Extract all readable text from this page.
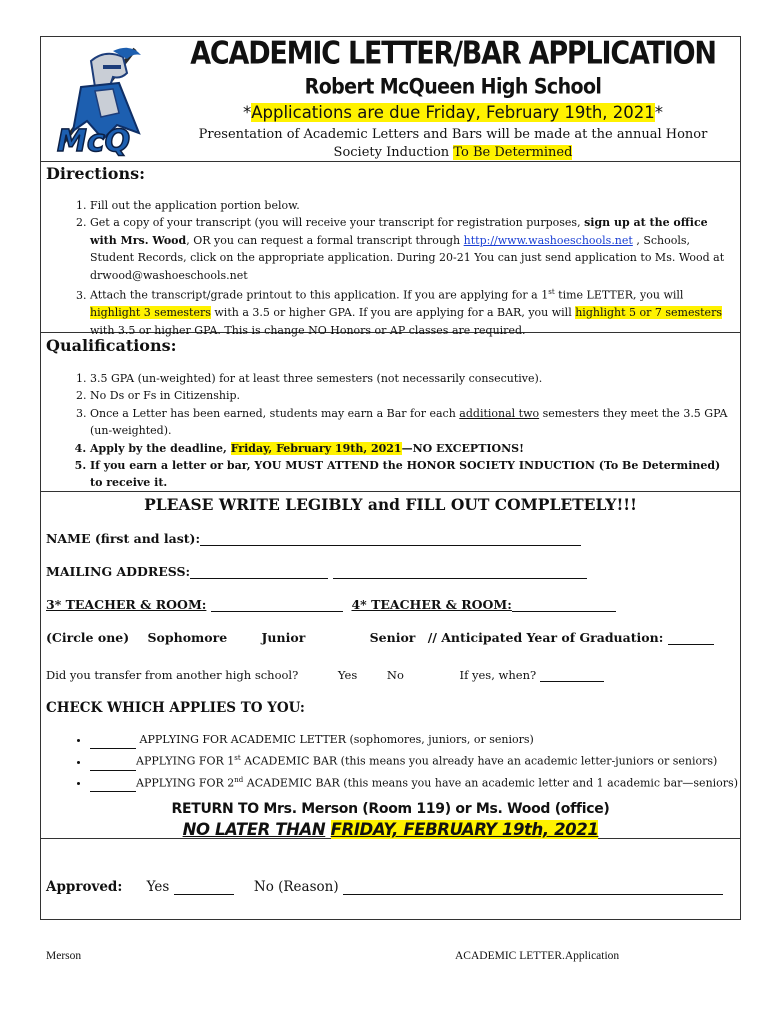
McQ
ACADEMIC LETTER/BAR APPLICATION
Robert McQueen High School
*Applications are due Friday, February 19th, 2021*
Presentation of Academic Letters and Bars will be made at the annual Honor Society Induction To Be Determined
Directions:
1. Fill out the application portion below.
2. Get a copy of your transcript (you will receive your transcript for registration purposes, sign up at the office with Mrs. Wood, OR you can request a formal transcript through http://www.washoeschools.net , Schools, Student Records, click on the appropriate application. During 20-21 You can just send application to Ms. Wood at drwood@washoeschools.net
3. Attach the transcript/grade printout to this application. If you are applying for a 1st time LETTER, you will highlight 3 semesters with a 3.5 or higher GPA. If you are applying for a BAR, you will highlight 5 or 7 semesters with 3.5 or higher GPA. This is change NO Honors or AP classes are required.
Qualifications:
1. 3.5 GPA (un-weighted) for at least three semesters (not necessarily consecutive).
2. No Ds or Fs in Citizenship.
3. Once a Letter has been earned, students may earn a Bar for each additional two semesters they meet the 3.5 GPA (un-weighted).
4. Apply by the deadline, Friday, February 19th, 2021—NO EXCEPTIONS!
5. If you earn a letter or bar, YOU MUST ATTEND the HONOR SOCIETY INDUCTION (To Be Determined) to receive it.
PLEASE WRITE LEGIBLY and FILL OUT COMPLETELY!!!
NAME (first and last):
MAILING ADDRESS:
3* TEACHER & ROOM:	4* TEACHER & ROOM:
(Circle one) Sophomore	Junior	Senior // Anticipated Year of Graduation:
Did you transfer from another high school?	Yes	No	If yes, when?
CHECK WHICH APPLIES TO YOU:
• APPLYING FOR ACADEMIC LETTER (sophomores, juniors, or seniors)
• APPLYING FOR 1st ACADEMIC BAR (this means you already have an academic letter-juniors or seniors)
• APPLYING FOR 2nd ACADEMIC BAR (this means you have an academic letter and 1 academic bar—seniors)
RETURN TO Mrs. Merson (Room 119) or Ms. Wood (office)
NO LATER THAN FRIDAY, FEBRUARY 19th, 2021
Approved: Yes	No (Reason)
Merson	ACADEMIC LETTER.Application
